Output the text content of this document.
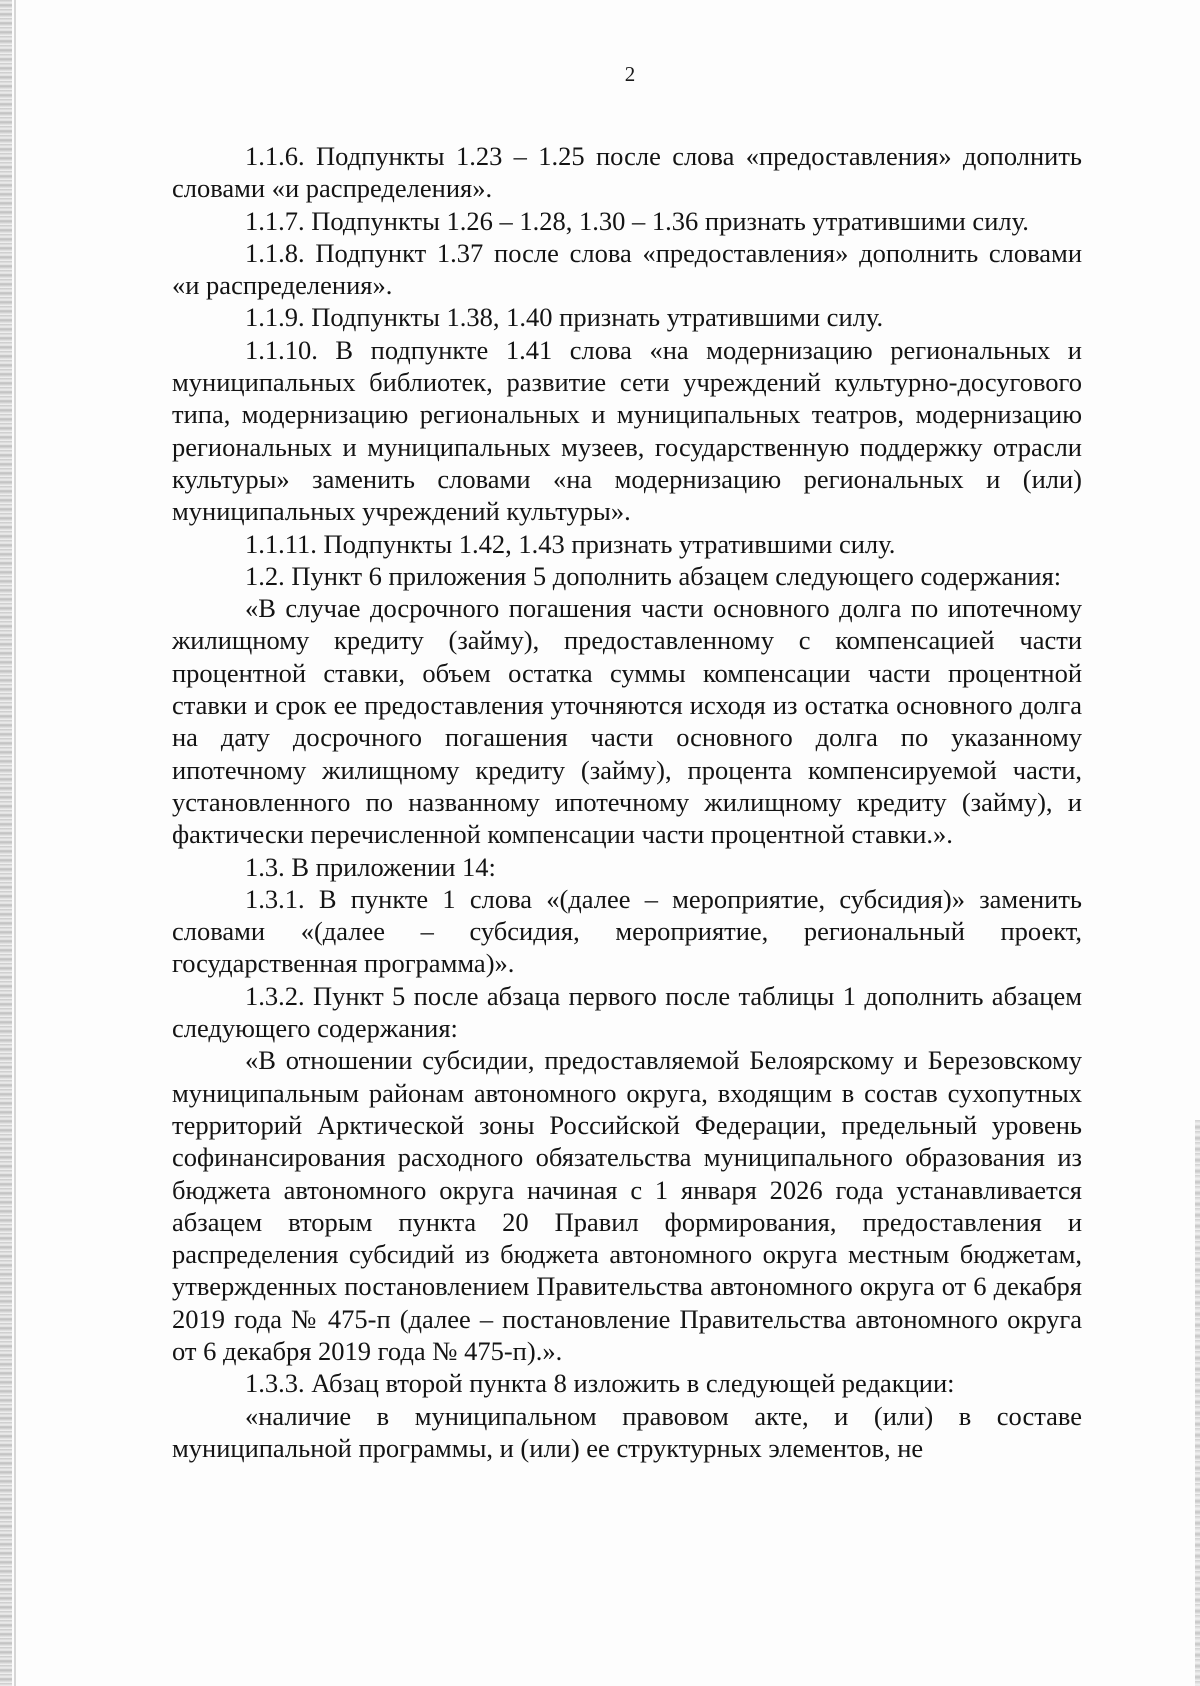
2

1.1.6. Подпункты 1.23 – 1.25 после слова «предоставления» дополнить словами «и распределения».

1.1.7. Подпункты 1.26 – 1.28, 1.30 – 1.36 признать утратившими силу.

1.1.8. Подпункт 1.37 после слова «предоставления» дополнить словами «и распределения».

1.1.9. Подпункты 1.38, 1.40 признать утратившими силу.

1.1.10. В подпункте 1.41 слова «на модернизацию региональных и муниципальных библиотек, развитие сети учреждений культурно-досугового типа, модернизацию региональных и муниципальных театров, модернизацию региональных и муниципальных музеев, государственную поддержку отрасли культуры» заменить словами «на модернизацию региональных и (или) муниципальных учреждений культуры».

1.1.11. Подпункты 1.42, 1.43 признать утратившими силу.

1.2. Пункт 6 приложения 5 дополнить абзацем следующего содержания:

«В случае досрочного погашения части основного долга по ипотечному жилищному кредиту (займу), предоставленному с компенсацией части процентной ставки, объем остатка суммы компенсации части процентной ставки и срок ее предоставления уточняются исходя из остатка основного долга на дату досрочного погашения части основного долга по указанному ипотечному жилищному кредиту (займу), процента компенсируемой части, установленного по названному ипотечному жилищному кредиту (займу), и фактически перечисленной компенсации части процентной ставки.».

1.3. В приложении 14:

1.3.1. В пункте 1 слова «(далее – мероприятие, субсидия)» заменить словами «(далее – субсидия, мероприятие, региональный проект, государственная программа)».

1.3.2. Пункт 5 после абзаца первого после таблицы 1 дополнить абзацем следующего содержания:

«В отношении субсидии, предоставляемой Белоярскому и Березовскому муниципальным районам автономного округа, входящим в состав сухопутных территорий Арктической зоны Российской Федерации, предельный уровень софинансирования расходного обязательства муниципального образования из бюджета автономного округа начиная с 1 января 2026 года устанавливается абзацем вторым пункта 20 Правил формирования, предоставления и распределения субсидий из бюджета автономного округа местным бюджетам, утвержденных постановлением Правительства автономного округа от 6 декабря 2019 года № 475-п (далее – постановление Правительства автономного округа от 6 декабря 2019 года № 475-п).».

1.3.3. Абзац второй пункта 8 изложить в следующей редакции:

«наличие в муниципальном правовом акте, и (или) в составе муниципальной программы, и (или) ее структурных элементов, не
